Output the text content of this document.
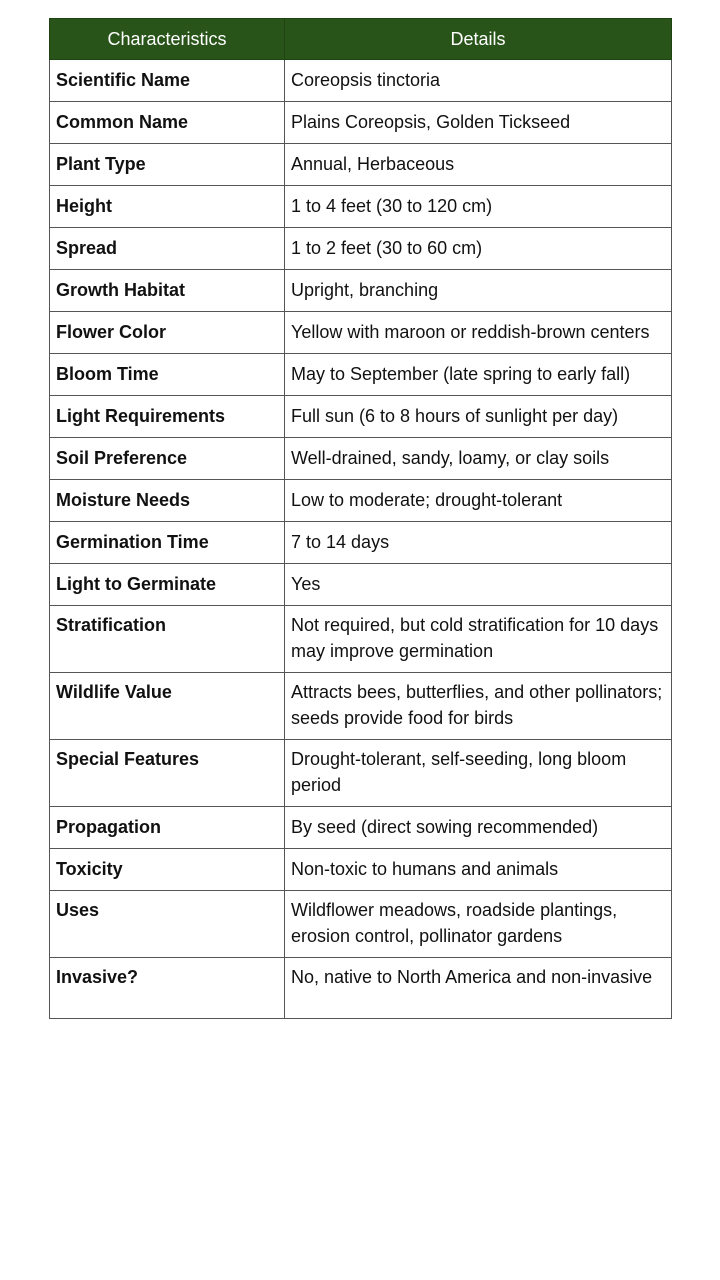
Characteristics	Details
Scientific Name	Coreopsis tinctoria
Common Name	Plains Coreopsis, Golden Tickseed
Plant Type	Annual, Herbaceous
Height	1 to 4 feet (30 to 120 cm)
Spread	1 to 2 feet (30 to 60 cm)
Growth Habitat	Upright, branching
Flower Color	Yellow with maroon or reddish-brown centers
Bloom Time	May to September (late spring to early fall)
Light Requirements	Full sun (6 to 8 hours of sunlight per day)
Soil Preference	Well-drained, sandy, loamy, or clay soils
Moisture Needs	Low to moderate; drought-tolerant
Germination Time	7 to 14 days
Light to Germinate	Yes
Stratification	Not required, but cold stratification for 10 days may improve germination
Wildlife Value	Attracts bees, butterflies, and other pollinators; seeds provide food for birds
Special Features	Drought-tolerant, self-seeding, long bloom period
Propagation	By seed (direct sowing recommended)
Toxicity	Non-toxic to humans and animals
Uses	Wildflower meadows, roadside plantings, erosion control, pollinator gardens
Invasive?	No, native to North America and non-invasive
